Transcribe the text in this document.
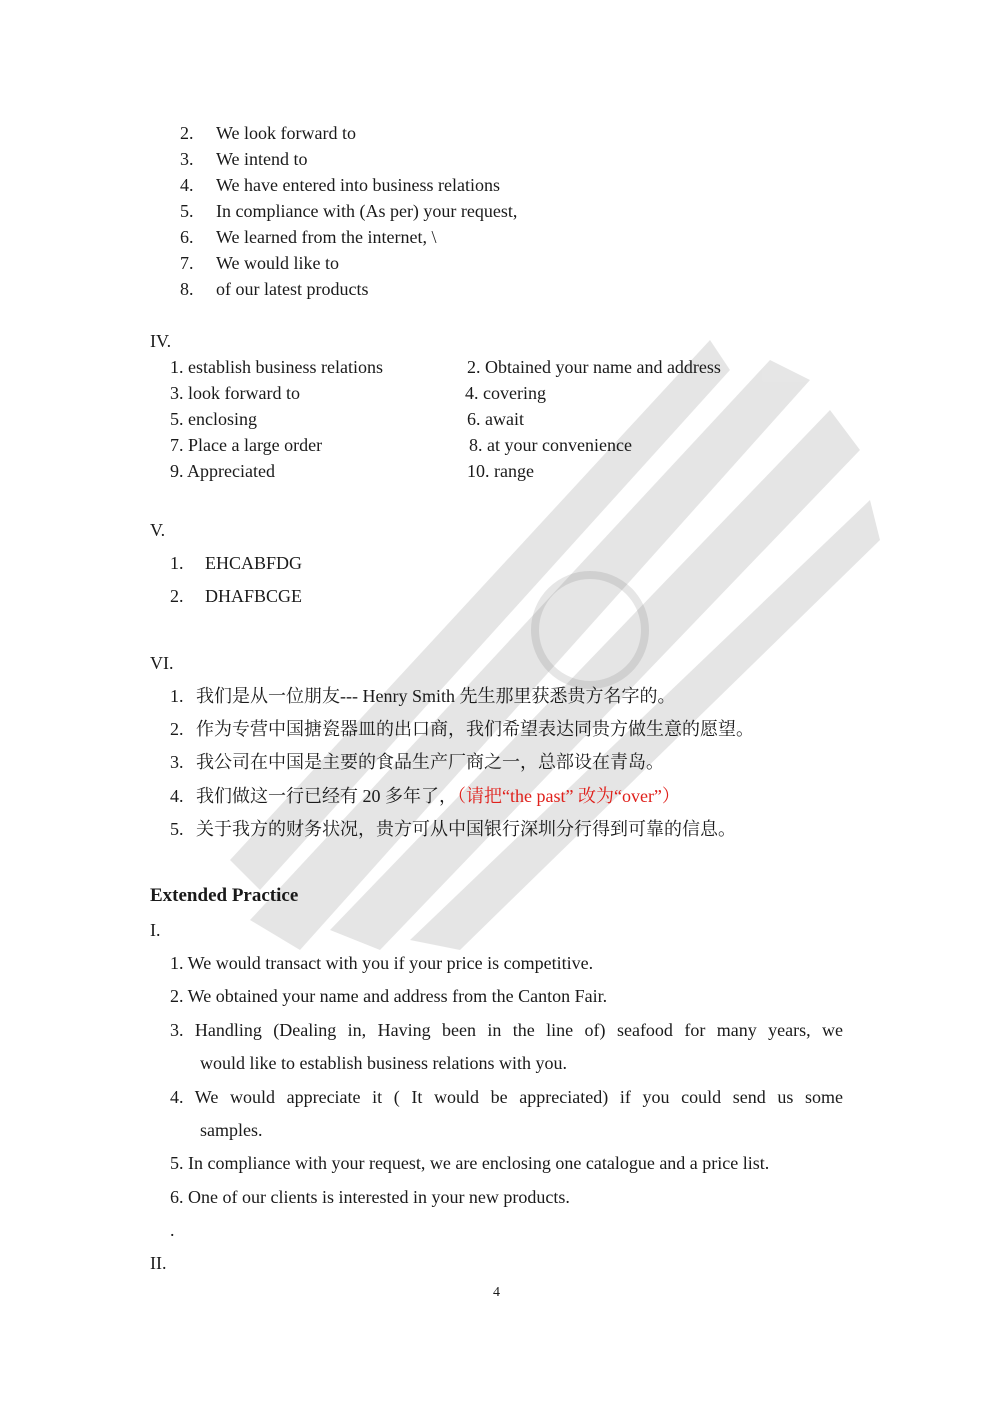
2. We look forward to
3. We intend to
4. We have entered into business relations
5. In compliance with (As per) your request,
6. We learned from the internet, \
7. We would like to
8. of our latest products
IV.
1. establish business relations	2. Obtained your name and address
3. look forward to	4. covering
5. enclosing	6. await
7. Place a large order	8. at your convenience
9. Appreciated	10. range
V.
1. EHCABFDG
2. DHAFBCGE
VI.
1. 我们是从一位朋友--- Henry Smith 先生那里获悉贵方名字的。
2. 作为专营中国搪瓷器皿的出口商，我们希望表达同贵方做生意的愿望。
3. 我公司在中国是主要的食品生产厂商之一，总部设在青岛。
4. 我们做这一行已经有 20 多年了，（请把“the past” 改为“over”）
5. 关于我方的财务状况，贵方可从中国银行深圳分行得到可靠的信息。
Extended Practice
I.
1. We would transact with you if your price is competitive.
2. We obtained your name and address from the Canton Fair.
3. Handling (Dealing in, Having been in the line of) seafood for many years, we
would like to establish business relations with you.
4. We would appreciate it ( It would be appreciated) if you could send us some
samples.
5. In compliance with your request, we are enclosing one catalogue and a price list.
6. One of our clients is interested in your new products.
.
II.
4
